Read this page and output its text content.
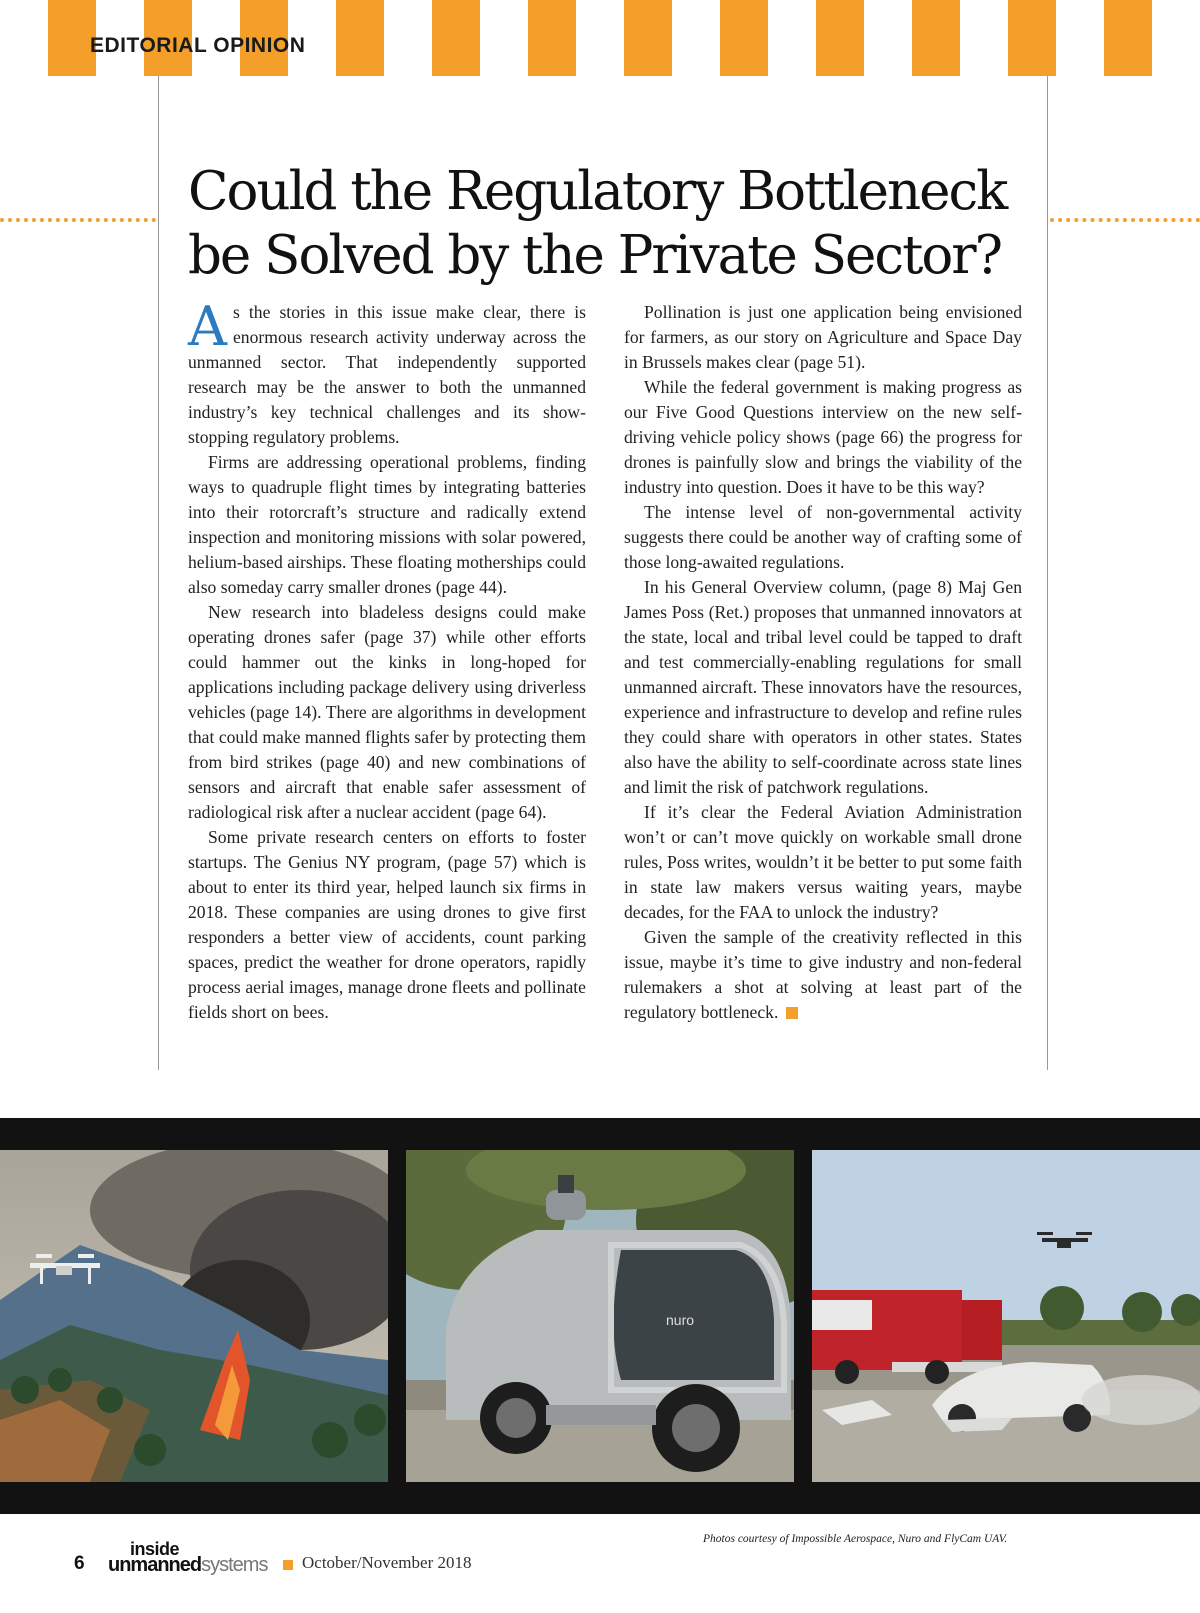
EDITORIAL OPINION
Could the Regulatory Bottleneck be Solved by the Private Sector?

As the stories in this issue make clear, there is enormous research activity underway across the unmanned sector. That independently supported research may be the answer to both the unmanned industry’s key technical challenges and its show-stopping regulatory problems.

Firms are addressing operational problems, finding ways to quadruple flight times by integrating batteries into their rotorcraft’s structure and radically extend inspection and monitoring missions with solar powered, helium-based airships. These floating motherships could also someday carry smaller drones (page 44).

New research into bladeless designs could make operating drones safer (page 37) while other efforts could hammer out the kinks in long-hoped for applications including package delivery using driverless vehicles (page 14). There are algorithms in development that could make manned flights safer by protecting them from bird strikes (page 40) and new combinations of sensors and aircraft that enable safer assessment of radiological risk after a nuclear accident (page 64).

Some private research centers on efforts to foster startups. The Genius NY program, (page 57) which is about to enter its third year, helped launch six firms in 2018. These companies are using drones to give first responders a better view of accidents, count parking spaces, predict the weather for drone operators, rapidly process aerial images, manage drone fleets and pollinate fields short on bees.

Pollination is just one application being envisioned for farmers, as our story on Agriculture and Space Day in Brussels makes clear (page 51).

While the federal government is making progress as our Five Good Questions interview on the new self-driving vehicle policy shows (page 66) the progress for drones is painfully slow and brings the viability of the industry into question. Does it have to be this way?

The intense level of non-governmental activity suggests there could be another way of crafting some of those long-awaited regulations.

In his General Overview column, (page 8) Maj Gen James Poss (Ret.) proposes that unmanned innovators at the state, local and tribal level could be tapped to draft and test commercially-enabling regulations for small unmanned aircraft. These innovators have the resources, experience and infrastructure to develop and refine rules they could share with operators in other states. States also have the ability to self-coordinate across state lines and limit the risk of patchwork regulations.

If it’s clear the Federal Aviation Administration won’t or can’t move quickly on workable small drone rules, Poss writes, wouldn’t it be better to put some faith in state law makers versus waiting years, maybe decades, for the FAA to unlock the industry?

Given the sample of the creativity reflected in this issue, maybe it’s time to give industry and non-federal rulemakers a shot at solving at least part of the regulatory bottleneck.

nuro
Photos courtesy of Impossible Aerospace, Nuro and FlyCam UAV.
6
inside
unmannedsystems October/November 2018
